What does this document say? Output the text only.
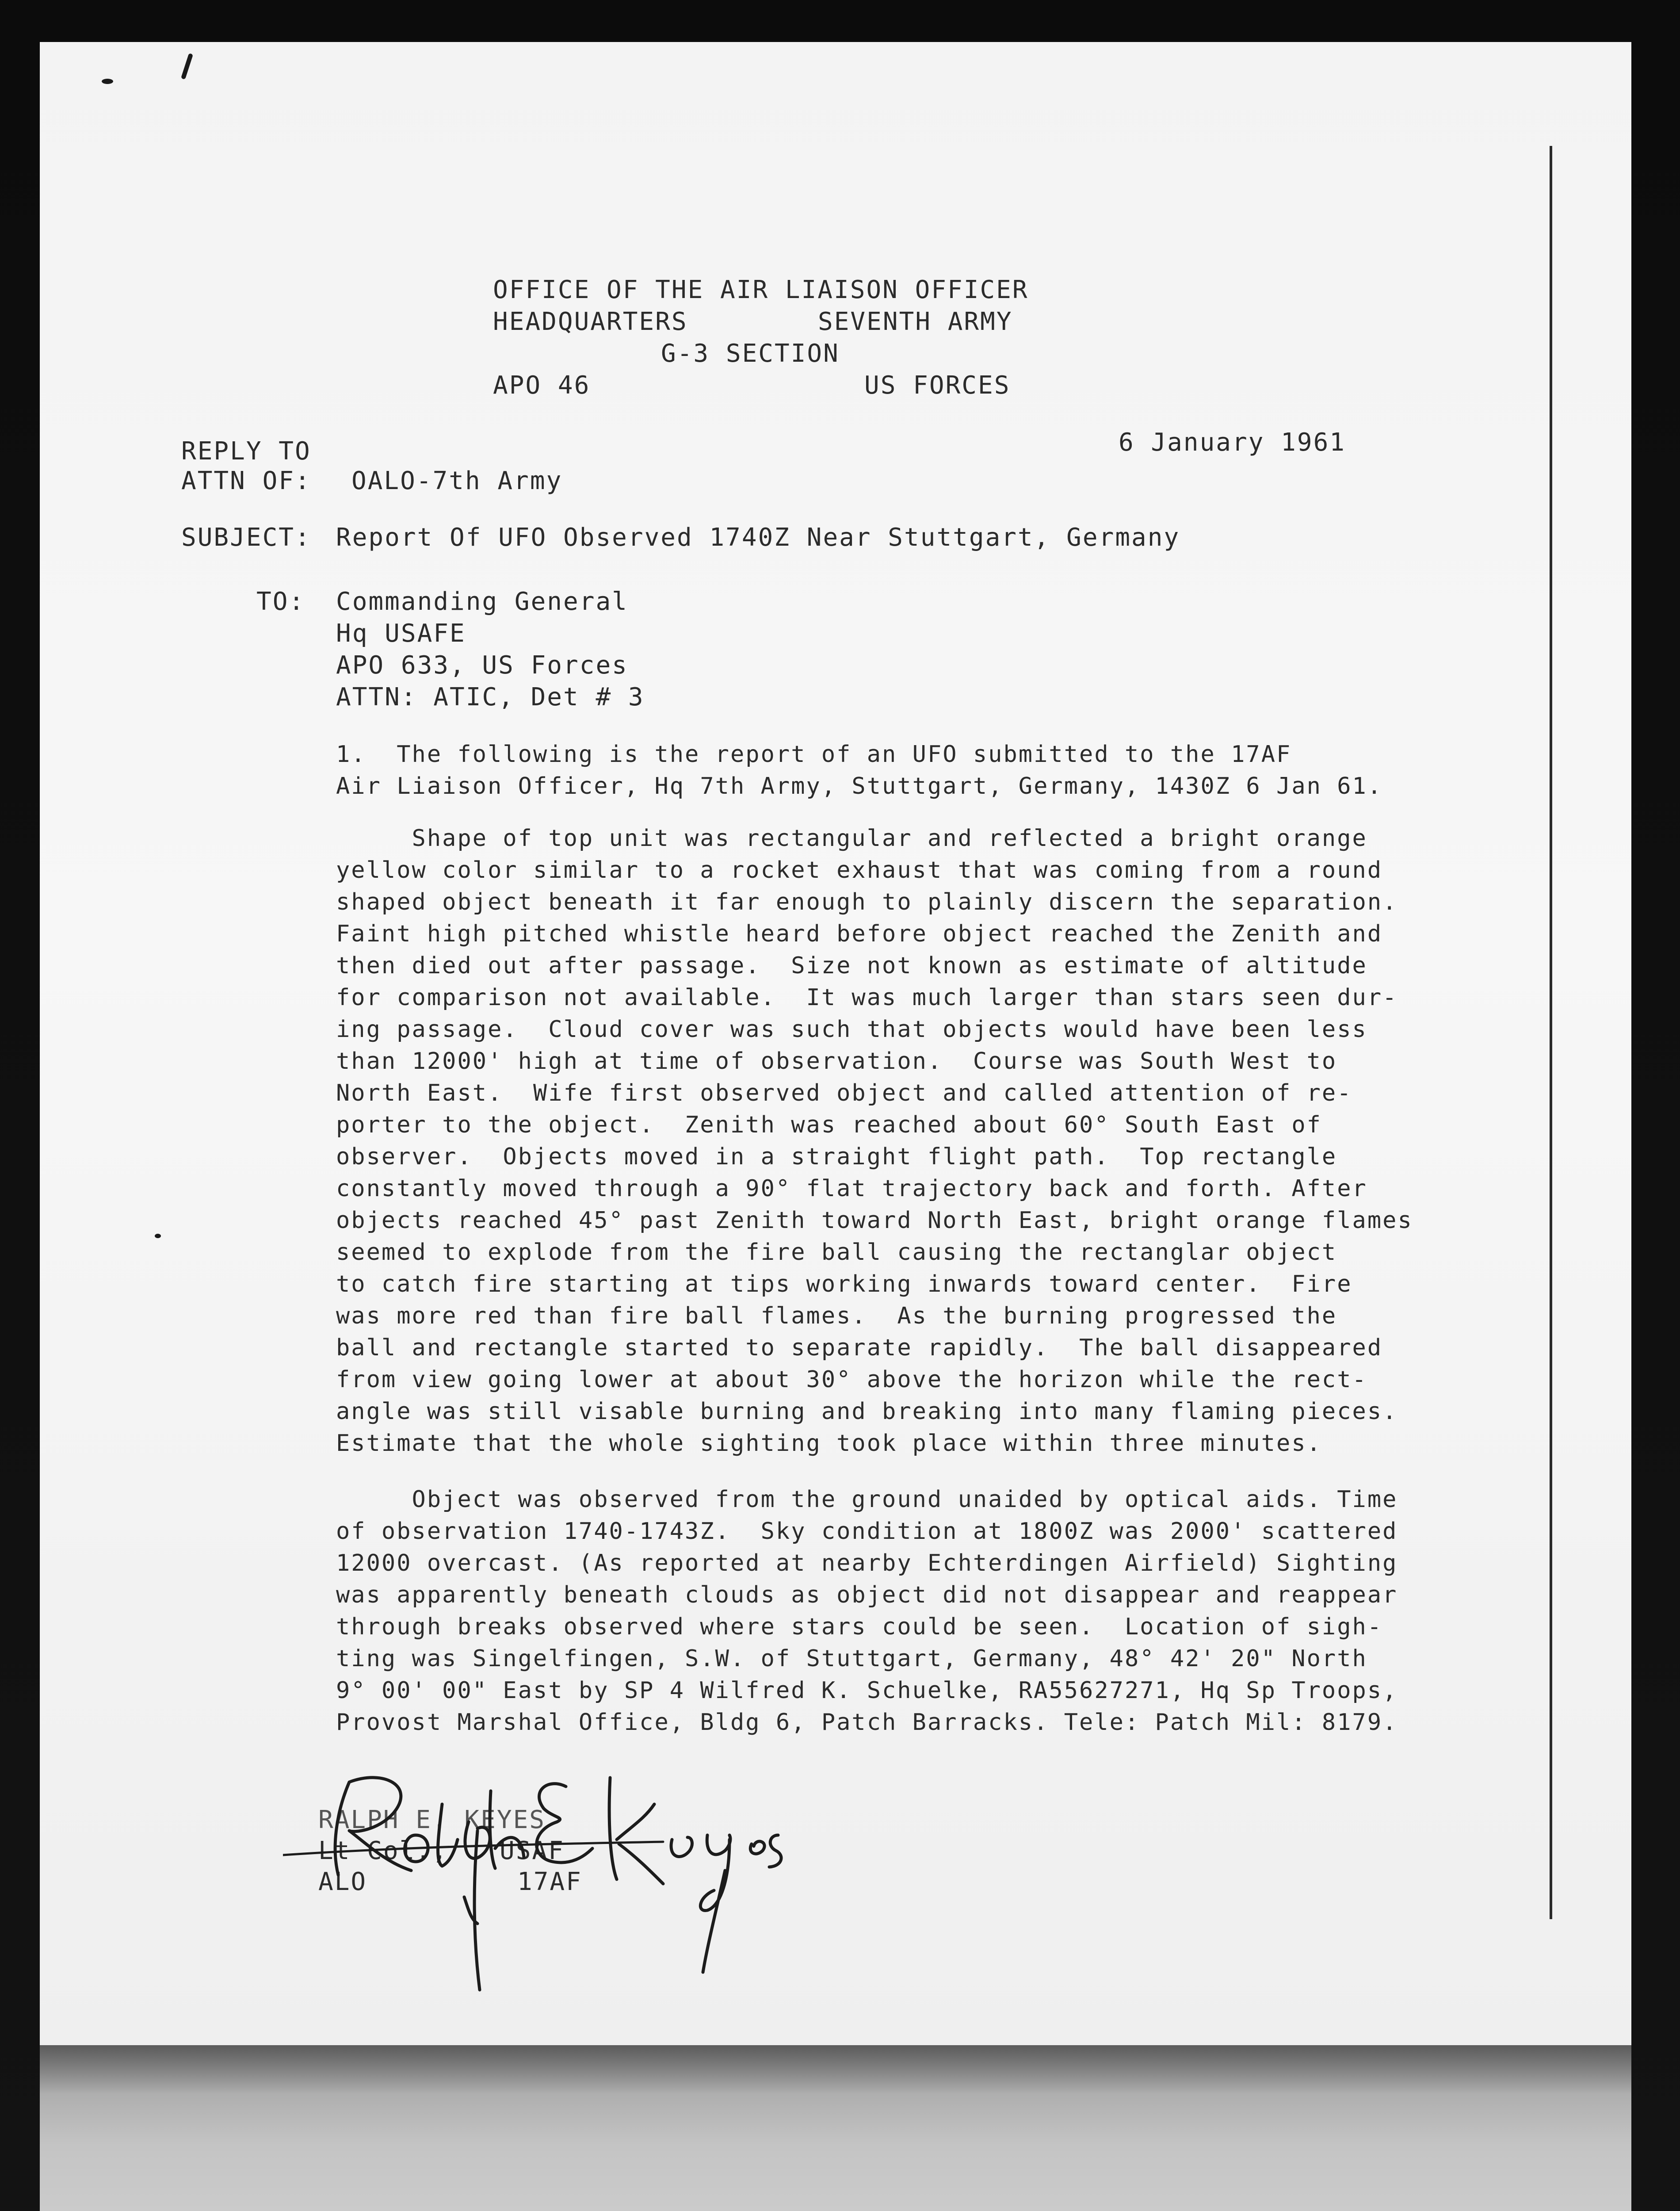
OFFICE OF THE AIR LIAISON OFFICER
HEADQUARTERS	SEVENTH ARMY
G-3 SECTION
APO 46	US FORCES
6 January 1961
REPLY TO
ATTN OF: OALO-7th Army
SUBJECT: Report Of UFO Observed 1740Z Near Stuttgart, Germany
TO: Commanding General
Hq USAFE
APO 633, US Forces
ATTN: ATIC, Det # 3
1.  The following is the report of an UFO submitted to the 17AF
Air Liaison Officer, Hq 7th Army, Stuttgart, Germany, 1430Z 6 Jan 61.
Shape of top unit was rectangular and reflected a bright orange
yellow color similar to a rocket exhaust that was coming from a round
shaped object beneath it far enough to plainly discern the separation.
Faint high pitched whistle heard before object reached the Zenith and
then died out after passage.  Size not known as estimate of altitude
for comparison not available.  It was much larger than stars seen dur-
ing passage.  Cloud cover was such that objects would have been less
than 12000' high at time of observation.  Course was South West to
North East.  Wife first observed object and called attention of re-
porter to the object.  Zenith was reached about 60° South East of
observer.  Objects moved in a straight flight path.  Top rectangle
constantly moved through a 90° flat trajectory back and forth. After
objects reached 45° past Zenith toward North East, bright orange flames
seemed to explode from the fire ball causing the rectanglar object
to catch fire starting at tips working inwards toward center.  Fire
was more red than fire ball flames.  As the burning progressed the
ball and rectangle started to separate rapidly.  The ball disappeared
from view going lower at about 30° above the horizon while the rect-
angle was still visable burning and breaking into many flaming pieces.
Estimate that the whole sighting took place within three minutes.
Object was observed from the ground unaided by optical aids. Time
of observation 1740-1743Z.  Sky condition at 1800Z was 2000' scattered
12000 overcast. (As reported at nearby Echterdingen Airfield) Sighting
was apparently beneath clouds as object did not disappear and reappear
through breaks observed where stars could be seen.  Location of sigh-
ting was Singelfingen, S.W. of Stuttgart, Germany, 48° 42' 20" North
9° 00' 00" East by SP 4 Wilfred K. Schuelke, RA55627271, Hq Sp Troops,
Provost Marshal Office, Bldg 6, Patch Barracks. Tele: Patch Mil: 8179.
RALPH E. KEYES
Lt Col., USAF
ALO	17AF
